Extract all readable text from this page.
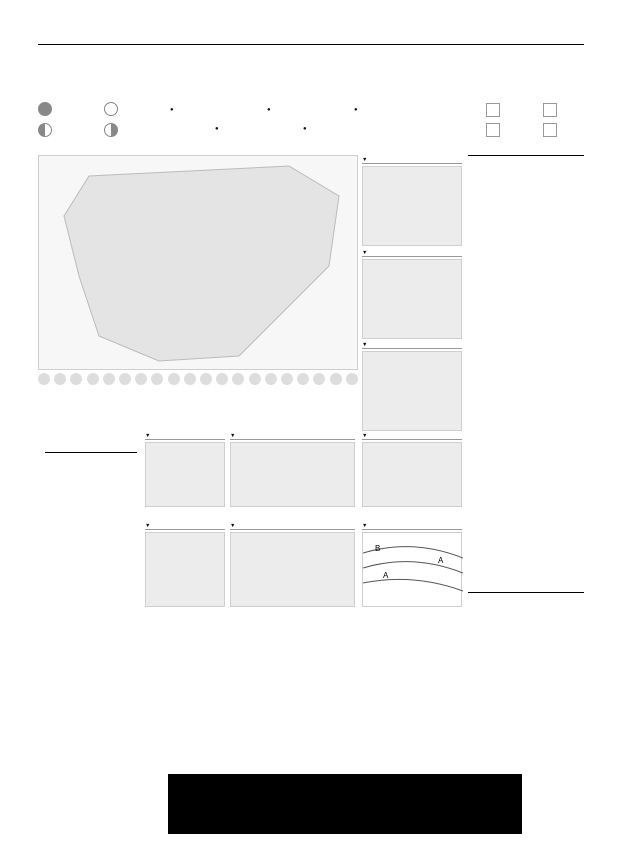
●	●	●
●	●

▼
▼
▼
▼	▼	▼
▼	▼	▼
A
A
B
